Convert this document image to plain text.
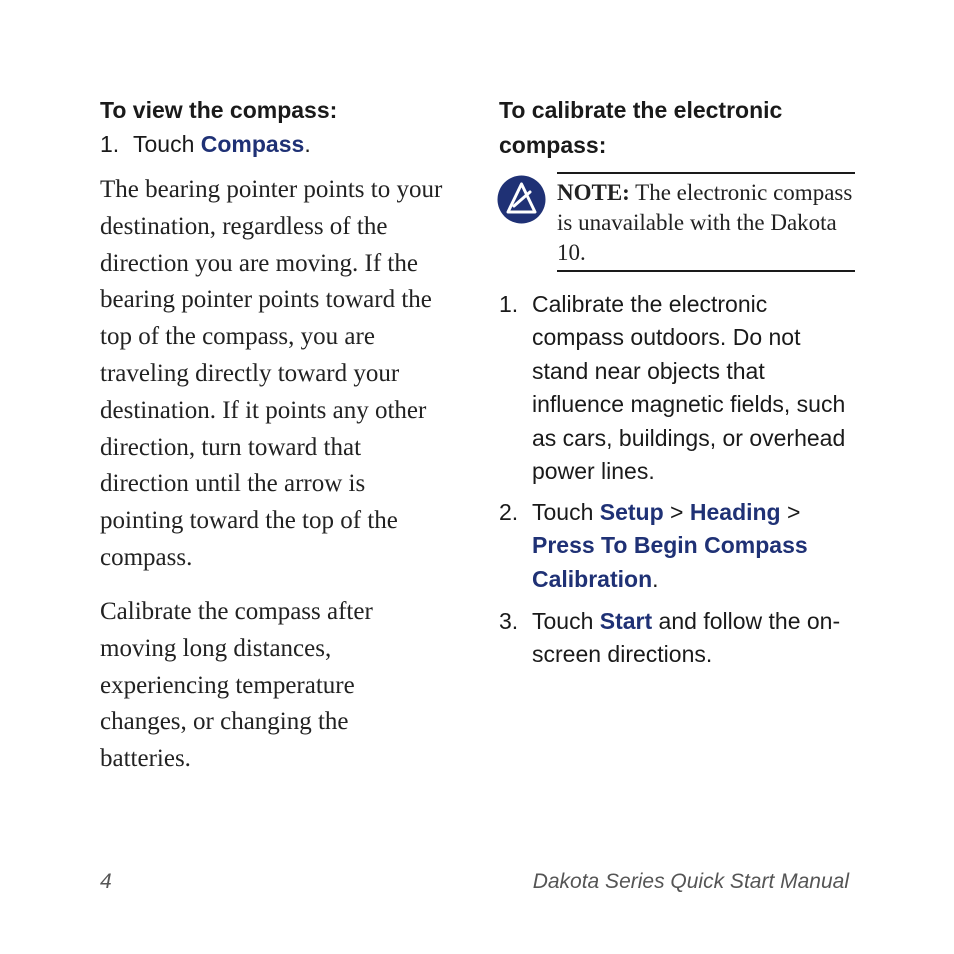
To view the compass:
1. Touch Compass.

The bearing pointer points to your destination, regardless of the direction you are moving. If the bearing pointer points toward the top of the compass, you are traveling directly toward your destination. If it points any other direction, turn toward that direction until the arrow is pointing toward the top of the compass.

Calibrate the compass after moving long distances, experiencing temperature changes, or changing the batteries.

To calibrate the electronic compass:
NOTE: The electronic compass is unavailable with the Dakota 10.
1. Calibrate the electronic compass outdoors. Do not stand near objects that influence magnetic fields, such as cars, buildings, or overhead power lines.
2. Touch Setup > Heading > Press To Begin Compass Calibration.
3. Touch Start and follow the on-screen directions.
4	Dakota Series Quick Start Manual
